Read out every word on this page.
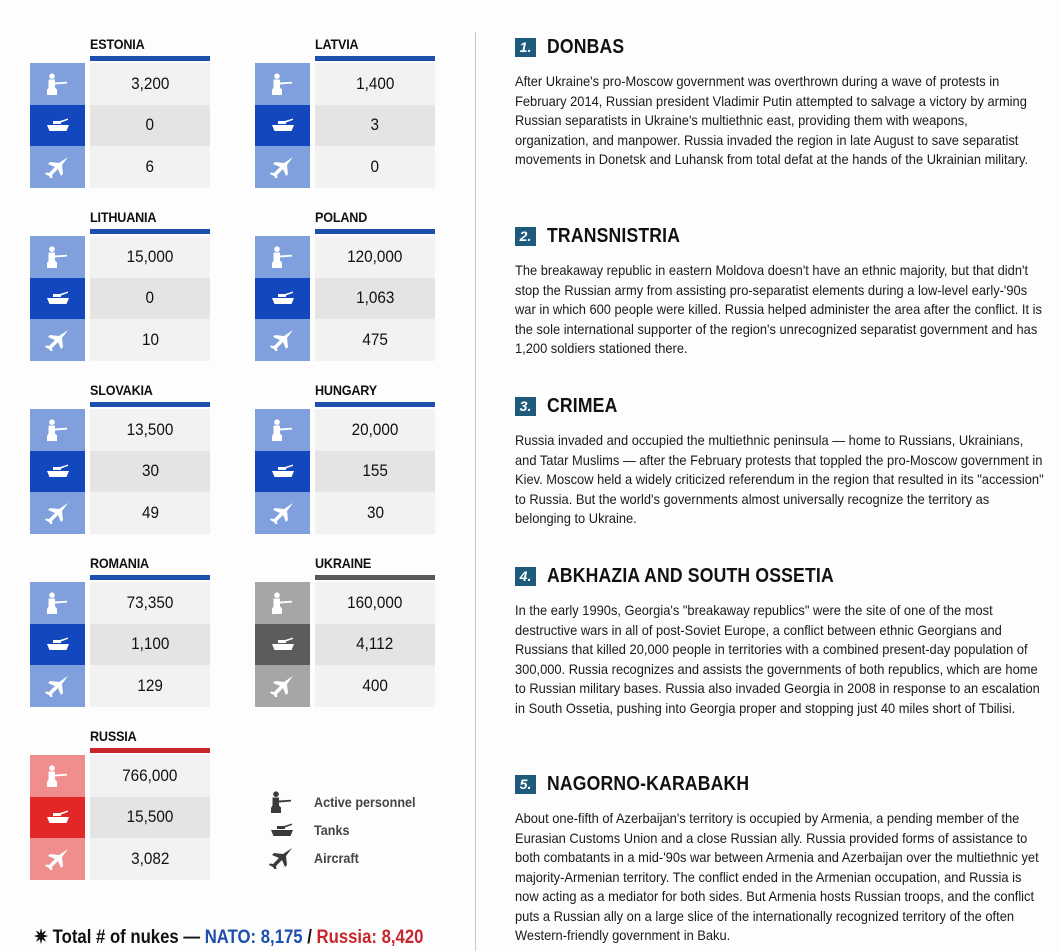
ESTONIA
3,200
0
6
LATVIA
1,400
3
0
LITHUANIA
15,000
0
10
POLAND
120,000
1,063
475
SLOVAKIA
13,500
30
49
HUNGARY
20,000
155
30
ROMANIA
73,350
1,100
129
UKRAINE
160,000
4,112
400
RUSSIA
766,000
15,500
3,082
Active personnel
Tanks
Aircraft
✷ Total # of nukes — NATO: 8,175 / Russia: 8,420
1. DONBAS
After Ukraine's pro-Moscow government was overthrown during a wave of protests in February 2014, Russian president Vladimir Putin attempted to salvage a victory by arming Russian separatists in Ukraine's multiethnic east, providing them with weapons, organization, and manpower. Russia invaded the region in late August to save separatist movements in Donetsk and Luhansk from total defat at the hands of the Ukrainian military.
2. TRANSNISTRIA
The breakaway republic in eastern Moldova doesn't have an ethnic majority, but that didn't stop the Russian army from assisting pro-separatist elements during a low-level early-'90s war in which 600 people were killed. Russia helped administer the area after the conflict. It is the sole international supporter of the region's unrecognized separatist government and has 1,200 soldiers stationed there.
3. CRIMEA
Russia invaded and occupied the multiethnic peninsula — home to Russians, Ukrainians, and Tatar Muslims — after the February protests that toppled the pro-Moscow government in Kiev. Moscow held a widely criticized referendum in the region that resulted in its "accession" to Russia. But the world's governments almost universally recognize the territory as belonging to Ukraine.
4. ABKHAZIA AND SOUTH OSSETIA
In the early 1990s, Georgia's "breakaway republics" were the site of one of the most destructive wars in all of post-Soviet Europe, a conflict between ethnic Georgians and Russians that killed 20,000 people in territories with a combined present-day population of 300,000. Russia recognizes and assists the governments of both republics, which are home to Russian military bases. Russia also invaded Georgia in 2008 in response to an escalation in South Ossetia, pushing into Georgia proper and stopping just 40 miles short of Tbilisi.
5. NAGORNO-KARABAKH
About one-fifth of Azerbaijan's territory is occupied by Armenia, a pending member of the Eurasian Customs Union and a close Russian ally. Russia provided forms of assistance to both combatants in a mid-'90s war between Armenia and Azerbaijan over the multiethnic yet majority-Armenian territory. The conflict ended in the Armenian occupation, and Russia is now acting as a mediator for both sides. But Armenia hosts Russian troops, and the conflict puts a Russian ally on a large slice of the internationally recognized territory of the often Western-friendly government in Baku.
